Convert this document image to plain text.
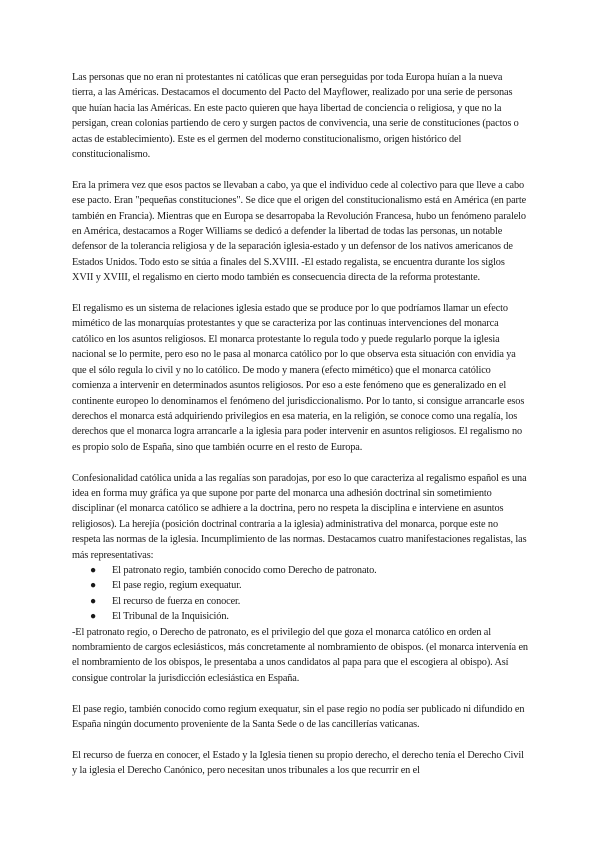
Las personas que no eran ni protestantes ni católicas que eran perseguidas por toda Europa huían a la nueva tierra, a las Américas. Destacamos el documento del Pacto del Mayflower, realizado por una serie de personas que huían hacia las Américas. En este pacto quieren que haya libertad de conciencia o religiosa, y que no la persigan, crean colonias partiendo de cero y surgen pactos de convivencia, una serie de constituciones (pactos o actas de establecimiento). Este es el germen del moderno constitucionalismo, origen histórico del constitucionalismo.

Era la primera vez que esos pactos se llevaban a cabo, ya que el individuo cede al colectivo para que lleve a cabo ese pacto. Eran "pequeñas constituciones". Se dice que el origen del constitucionalismo está en América (en parte también en Francia). Mientras que en Europa se desarropaba la Revolución Francesa, hubo un fenómeno paralelo en América, destacamos a Roger Williams se dedicó a defender la libertad de todas las personas, un notable defensor de la tolerancia religiosa y de la separación iglesia-estado y un defensor de los nativos americanos de Estados Unidos. Todo esto se sitúa a finales del S.XVIII. -El estado regalista, se encuentra durante los siglos XVII y XVIII, el regalismo en cierto modo también es consecuencia directa de la reforma protestante.

El regalismo es un sistema de relaciones iglesia estado que se produce por lo que podríamos llamar un efecto mimético de las monarquías protestantes y que se caracteriza por las continuas intervenciones del monarca católico en los asuntos religiosos. El monarca protestante lo regula todo y puede regularlo porque la iglesia nacional se lo permite, pero eso no le pasa al monarca católico por lo que observa esta situación con envidia ya que el sólo regula lo civil y no lo católico. De modo y manera (efecto mimético) que el monarca católico comienza a intervenir en determinados asuntos religiosos. Por eso a este fenómeno que es generalizado en el continente europeo lo denominamos el fenómeno del jurisdiccionalismo. Por lo tanto, si consigue arrancarle esos derechos el monarca está adquiriendo privilegios en esa materia, en la religión, se conoce como una regalía, los derechos que el monarca logra arrancarle a la iglesia para poder intervenir en asuntos religiosos. El regalismo no es propio solo de España, sino que también ocurre en el resto de Europa.

Confesionalidad católica unida a las regalías son paradojas, por eso lo que caracteriza al regalismo español es una idea en forma muy gráfica ya que supone por parte del monarca una adhesión doctrinal sin sometimiento disciplinar (el monarca católico se adhiere a la doctrina, pero no respeta la disciplina e interviene en asuntos religiosos). La herejía (posición doctrinal contraria a la iglesia) administrativa del monarca, porque este no respeta las normas de la iglesia. Incumplimiento de las normas. Destacamos cuatro manifestaciones regalistas, las más representativas:

● El patronato regio, también conocido como Derecho de patronato.
● El pase regio, regium exequatur.
● El recurso de fuerza en conocer.
● El Tribunal de la Inquisición.

-El patronato regio, o Derecho de patronato, es el privilegio del que goza el monarca católico en orden al nombramiento de cargos eclesiásticos, más concretamente al nombramiento de obispos. (el monarca intervenía en el nombramiento de los obispos, le presentaba a unos candidatos al papa para que el escogiera al obispo). Así consigue controlar la jurisdicción eclesiástica en España.

El pase regio, también conocido como regium exequatur, sin el pase regio no podía ser publicado ni difundido en España ningún documento proveniente de la Santa Sede o de las cancillerías vaticanas.

El recurso de fuerza en conocer, el Estado y la Iglesia tienen su propio derecho, el derecho tenía el Derecho Civil y la iglesia el Derecho Canónico, pero necesitan unos tribunales a los que recurrir en el
